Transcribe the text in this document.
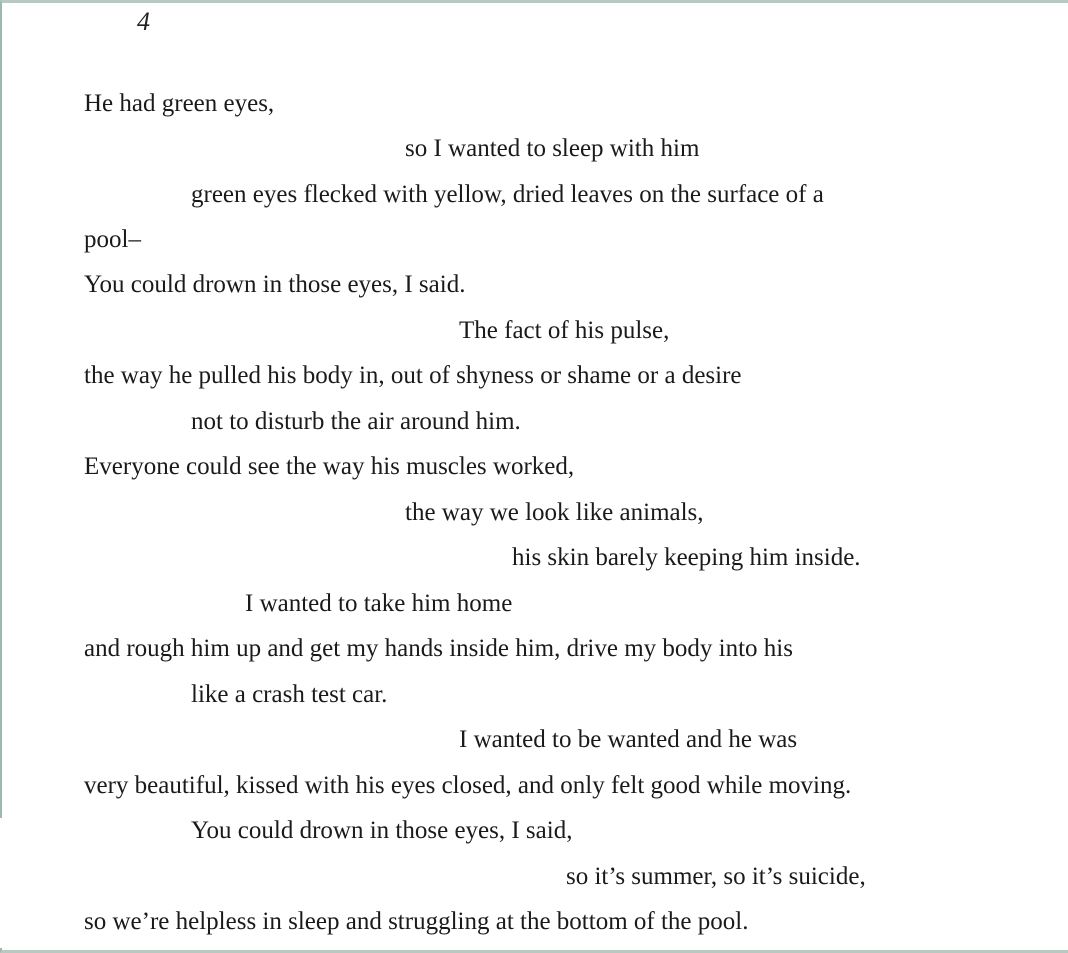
4
He had green eyes,
so I wanted to sleep with him
green eyes flecked with yellow, dried leaves on the surface of a
pool–
You could drown in those eyes, I said.
The fact of his pulse,
the way he pulled his body in, out of shyness or shame or a desire
not to disturb the air around him.
Everyone could see the way his muscles worked,
the way we look like animals,
his skin barely keeping him inside.
I wanted to take him home
and rough him up and get my hands inside him, drive my body into his
like a crash test car.
I wanted to be wanted and he was
very beautiful, kissed with his eyes closed, and only felt good while moving.
You could drown in those eyes, I said,
so it’s summer, so it’s suicide,
so we’re helpless in sleep and struggling at the bottom of the pool.
